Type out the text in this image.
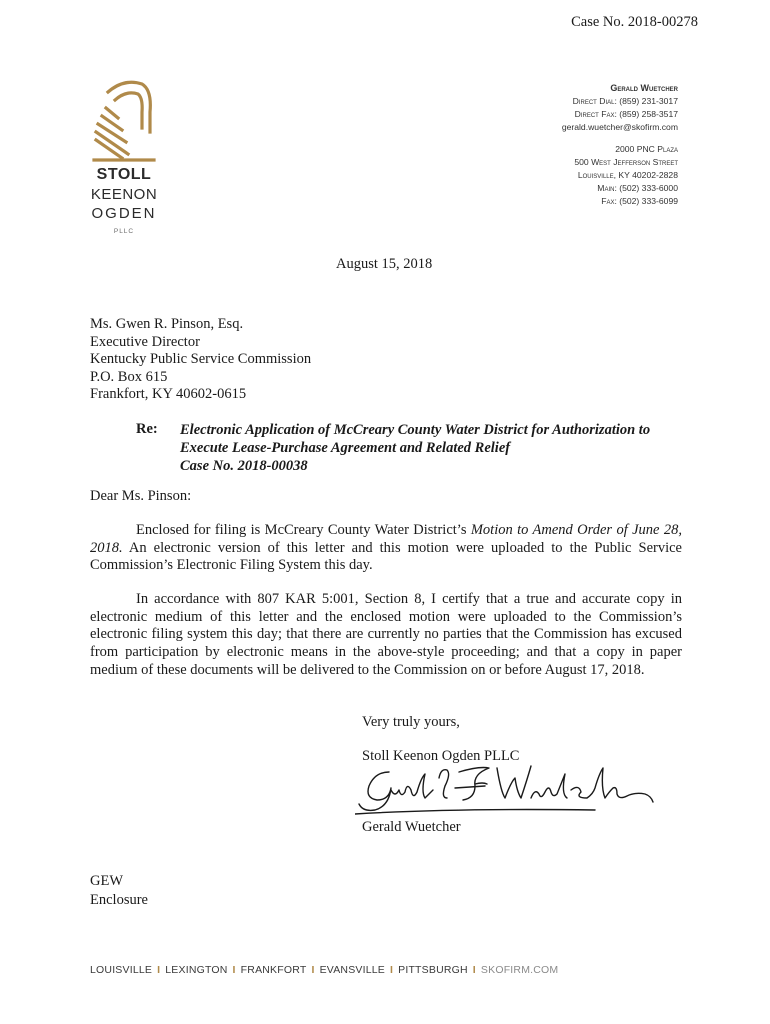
Case No. 2018-00278
STOLL
KEENON
OGDEN
PLLC
Gerald Wuetcher
Direct Dial: (859) 231-3017
Direct Fax: (859) 258-3517
gerald.wuetcher@skofirm.com
2000 PNC Plaza
500 West Jefferson Street
Louisville, KY 40202-2828
Main: (502) 333-6000
Fax: (502) 333-6099
August 15, 2018
Ms. Gwen R. Pinson, Esq.
Executive Director
Kentucky Public Service Commission
P.O. Box 615
Frankfort, KY 40602-0615
Re: Electronic Application of McCreary County Water District for Authorization to
Execute Lease-Purchase Agreement and Related Relief
Case No. 2018-00038
Dear Ms. Pinson:
Enclosed for filing is McCreary County Water District’s Motion to Amend Order of June 28, 2018. An electronic version of this letter and this motion were uploaded to the Public Service Commission’s Electronic Filing System this day.
In accordance with 807 KAR 5:001, Section 8, I certify that a true and accurate copy in electronic medium of this letter and the enclosed motion were uploaded to the Commission’s electronic filing system this day; that there are currently no parties that the Commission has excused from participation by electronic means in the above-style proceeding; and that a copy in paper medium of these documents will be delivered to the Commission on or before August 17, 2018.
Very truly yours,
Stoll Keenon Ogden PLLC
Gerald Wuetcher
GEW
Enclosure
LOUISVILLE I LEXINGTON I FRANKFORT I EVANSVILLE I PITTSBURGH I SKOFIRM.COM
